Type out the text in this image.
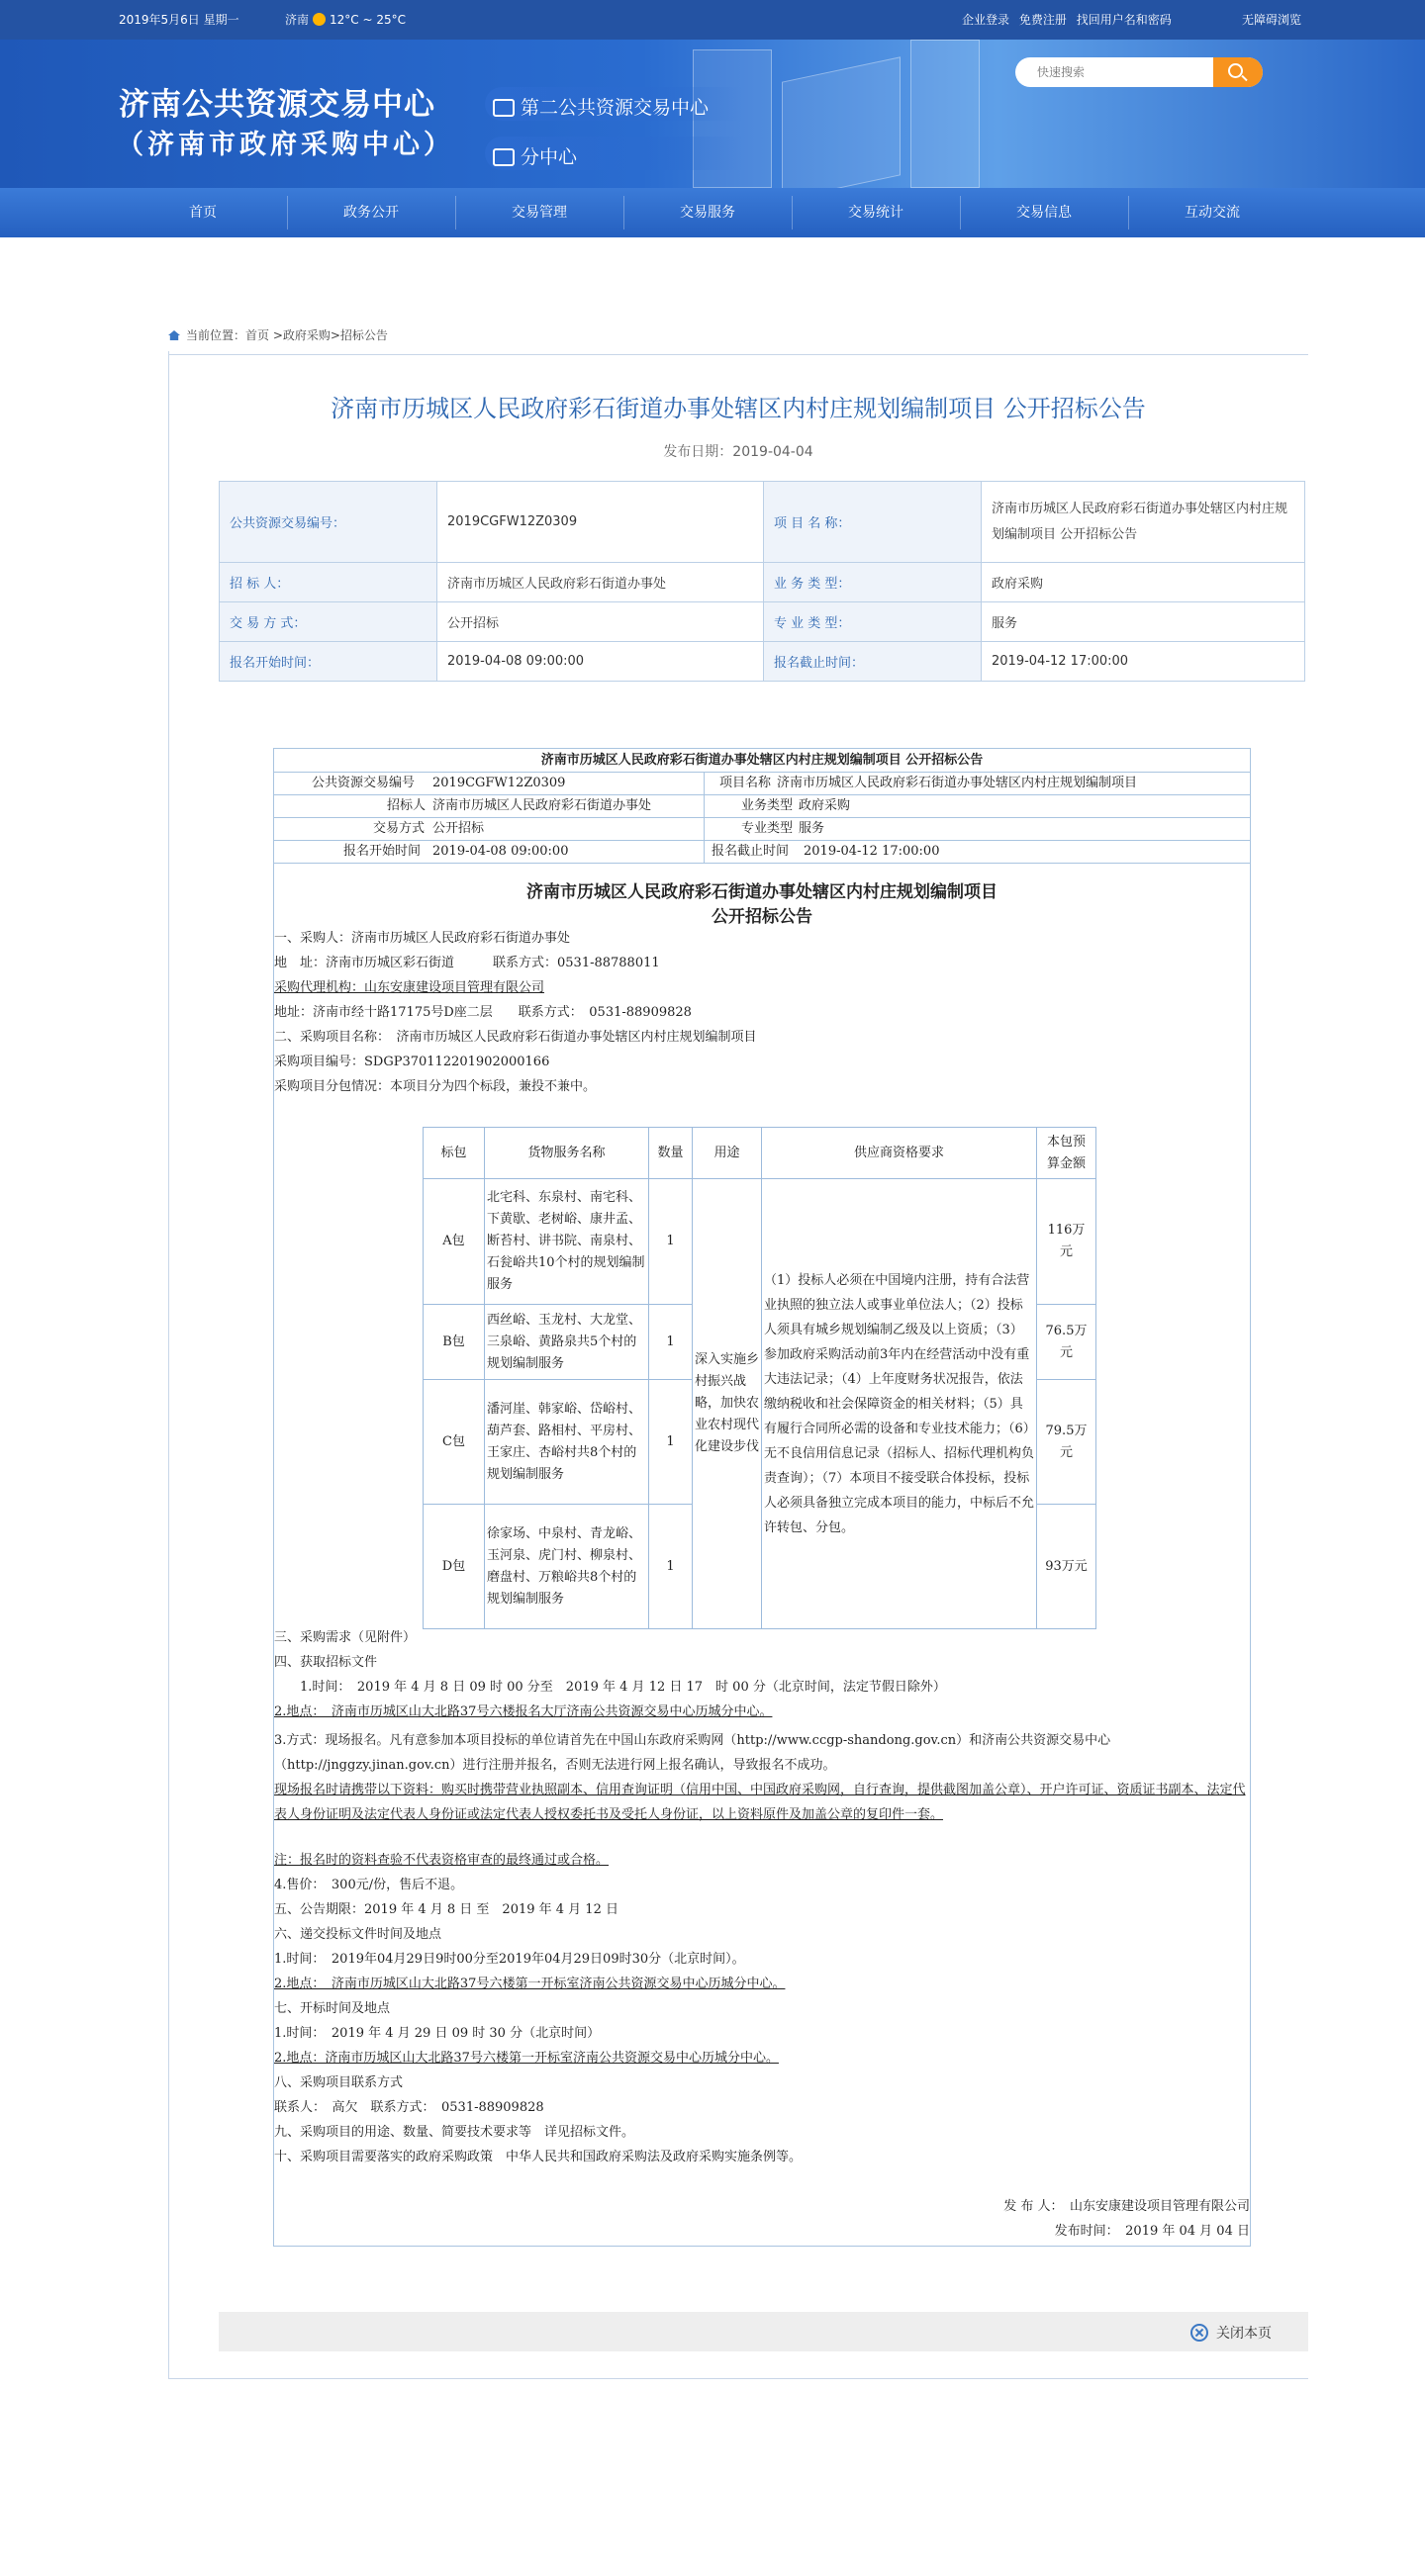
2019年5月6日 星期一	济南 12°C ~ 25°C	企业登录 免费注册 找回用户名和密码	无障碍浏览
济南公共资源交易中心
（济南市政府采购中心）
第二公共资源交易中心
分中心
快速搜索
首页	政务公开	交易管理	交易服务	交易统计	交易信息	互动交流
当前位置：首页 >政府采购>招标公告
济南市历城区人民政府彩石街道办事处辖区内村庄规划编制项目 公开招标公告
发布日期：2019-04-04
公共资源交易编号：	2019CGFW12Z0309	项 目 名 称：	济南市历城区人民政府彩石街道办事处辖区内村庄规划编制项目 公开招标公告
招 标 人：	济南市历城区人民政府彩石街道办事处	业 务 类 型：	政府采购
交 易 方 式：	公开招标	专 业 类 型：	服务
报名开始时间：	2019-04-08 09:00:00	报名截止时间：	2019-04-12 17:00:00
济南市历城区人民政府彩石街道办事处辖区内村庄规划编制项目 公开招标公告
公共资源交易编号 2019CGFW12Z0309	项目名称 济南市历城区人民政府彩石街道办事处辖区内村庄规划编制项目
招标人 济南市历城区人民政府彩石街道办事处	业务类型 政府采购
交易方式 公开招标	专业类型 服务
报名开始时间 2019-04-08 09:00:00	报名截止时间 2019-04-12 17:00:00
济南市历城区人民政府彩石街道办事处辖区内村庄规划编制项目
公开招标公告
一、采购人：济南市历城区人民政府彩石街道办事处
地　址：济南市历城区彩石街道　　　联系方式：0531-88788011
采购代理机构：山东安康建设项目管理有限公司
地址：济南市经十路17175号D座二层　　联系方式：　0531-88909828　
二、采购项目名称：　济南市历城区人民政府彩石街道办事处辖区内村庄规划编制项目
采购项目编号：SDGP370112201902000166
采购项目分包情况：本项目分为四个标段，兼投不兼中。
标包	货物服务名称	数量	用途	供应商资格要求	本包预算金额
A包	北宅科、东泉村、南宅科、下黄歇、老树峪、康井孟、断苔村、讲书院、南泉村、石瓮峪共10个村的规划编制服务	1	深入实施乡村振兴战略，加快农业农村现代化建设步伐	（1）投标人必须在中国境内注册，持有合法营业执照的独立法人或事业单位法人；（2）投标人须具有城乡规划编制乙级及以上资质；（3）参加政府采购活动前3年内在经营活动中没有重大违法记录；（4）上年度财务状况报告，依法缴纳税收和社会保障资金的相关材料；（5）具有履行合同所必需的设备和专业技术能力；（6）无不良信用信息记录（招标人、招标代理机构负责查询）；（7）本项目不接受联合体投标，投标人必须具备独立完成本项目的能力，中标后不允许转包、分包。	116万元
B包	西丝峪、玉龙村、大龙堂、三泉峪、黄路泉共5个村的规划编制服务	1			76.5万元
C包	潘河崖、韩家峪、岱峪村、葫芦套、路相村、平房村、王家庄、杏峪村共8个村的规划编制服务	1			79.5万元
D包	徐家场、中泉村、青龙峪、玉河泉、虎门村、柳泉村、磨盘村、万粮峪共8个村的规划编制服务	1			93万元
三、采购需求（见附件）
四、获取招标文件
　　1.时间：　2019 年 4 月 8 日 09 时 00 分至　2019 年 4 月 12 日 17　时 00 分（北京时间，法定节假日除外）
2.地点：　济南市历城区山大北路37号六楼报名大厅济南公共资源交易中心历城分中心。
3.方式：现场报名。凡有意参加本项目投标的单位请首先在中国山东政府采购网（http://www.ccgp-shandong.gov.cn）和济南公共资源交易中心（http://jnggzy.jinan.gov.cn）进行注册并报名，否则无法进行网上报名确认，导致报名不成功。
现场报名时请携带以下资料：购买时携带营业执照副本、信用查询证明（信用中国、中国政府采购网，自行查询，提供截图加盖公章）、开户许可证、资质证书副本、法定代表人身份证明及法定代表人身份证或法定代表人授权委托书及受托人身份证，以上资料原件及加盖公章的复印件一套。
注：报名时的资料查验不代表资格审查的最终通过或合格。
4.售价：　300元/份，售后不退。
五、公告期限：2019 年 4 月 8 日 至　2019 年 4 月 12 日
六、递交投标文件时间及地点
1.时间：　2019年04月29日9时00分至2019年04月29日09时30分（北京时间）。
2.地点：　济南市历城区山大北路37号六楼第一开标室济南公共资源交易中心历城分中心。
七、开标时间及地点
1.时间：　2019 年 4 月 29 日 09 时 30 分（北京时间）
2.地点：济南市历城区山大北路37号六楼第一开标室济南公共资源交易中心历城分中心。
八、采购项目联系方式
联系人：　高欠　联系方式：　0531-88909828
九、采购项目的用途、数量、简要技术要求等　详见招标文件。
十、采购项目需要落实的政府采购政策　中华人民共和国政府采购法及政府采购实施条例等。
发 布 人：　山东安康建设项目管理有限公司
发布时间：　2019 年 04 月 04 日
关闭本页
